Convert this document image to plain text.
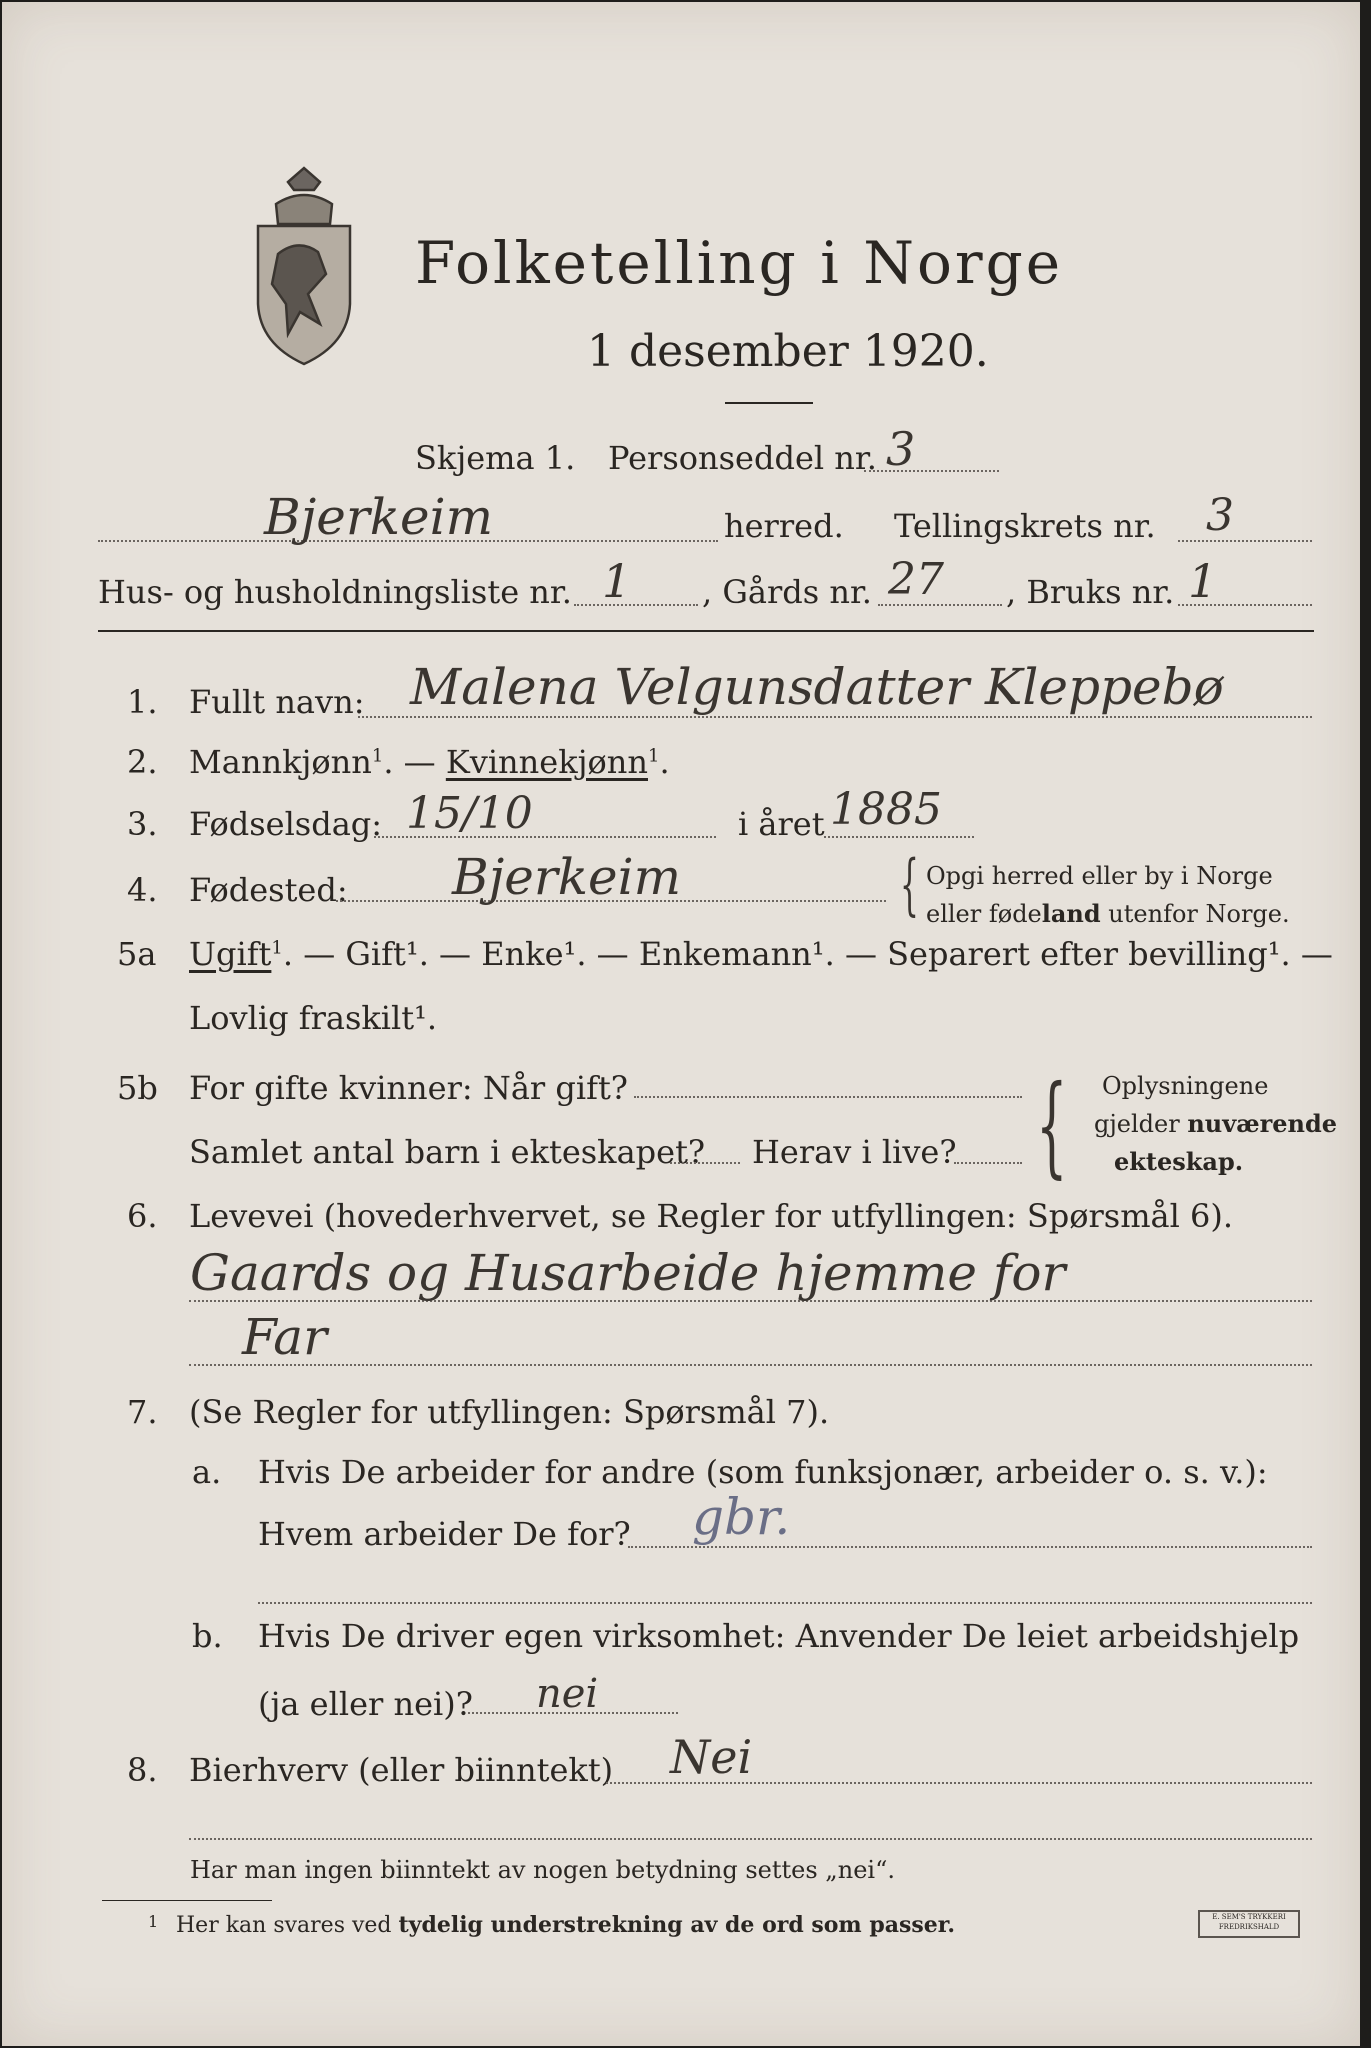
Folketelling i Norge
1 desember 1920.
Skjema 1. Personseddel nr. 3
Bjerkeim	herred. Tellingskrets nr. 3
Hus- og husholdningsliste nr. 1 , Gårds nr. 27 , Bruks nr. 1
1. Fullt navn: Malena Velgunsdatter Kleppebø
2. Mannkjønn$^1$. — Kvinnekjønn$^1$.
3. Fødselsdag: 15/10	i året 1885
4. Fødested: Bjerkeim	{ Opgi herred eller by i Norge
eller fødeland utenfor Norge.
5a Ugift$^1$. — Gift¹. — Enke¹. — Enkemann¹. — Separert efter bevilling¹. —
Lovlig fraskilt¹.
5b For gifte kvinner: Når gift?
Samlet antal barn i ekteskapet? Herav i live? { Oplysningene
gjelder nuværende
ekteskap.
6. Levevei (hovederhvervet, se Regler for utfyllingen: Spørsmål 6).
Gaards og Husarbeide hjemme for
Far
7. (Se Regler for utfyllingen: Spørsmål 7).
a. Hvis De arbeider for andre (som funksjonær, arbeider o. s. v.):
Hvem arbeider De for? gbr.
b. Hvis De driver egen virksomhet: Anvender De leiet arbeidshjelp
(ja eller nei)? nei
8. Bierhverv (eller biinntekt) Nei
Har man ingen biinntekt av nogen betydning settes „nei“.
1 Her kan svares ved tydelig understrekning av de ord som passer.	E. SEM'S TRYKKERI FREDRIKSHALD
